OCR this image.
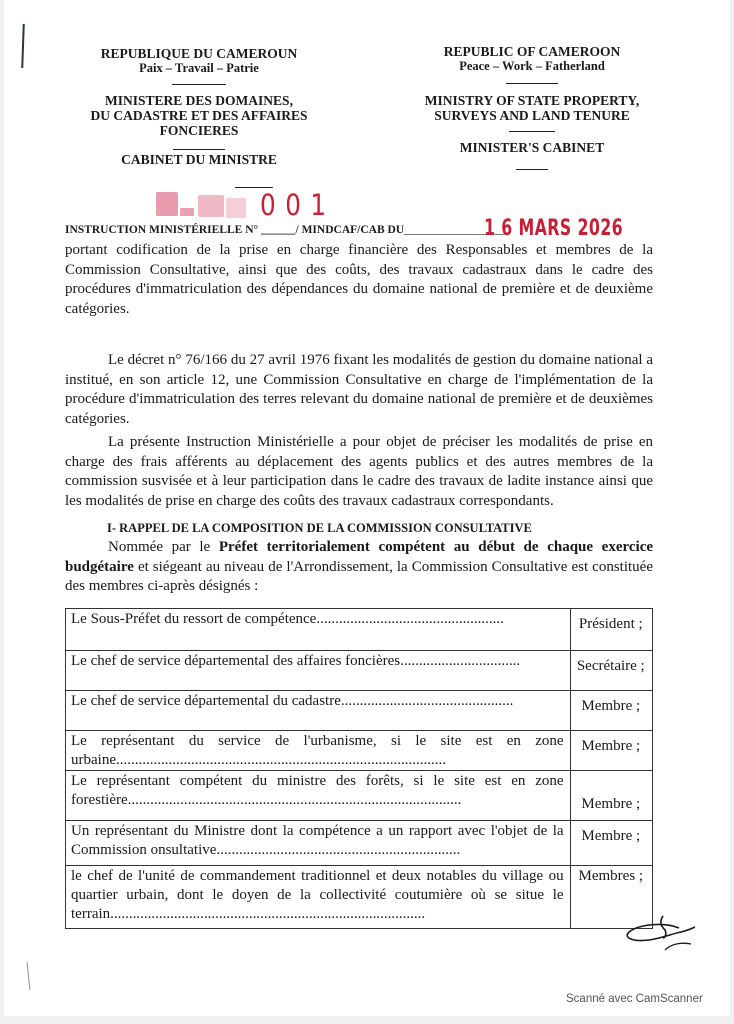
REPUBLIQUE DU CAMEROUN
Paix – Travail – Patrie
MINISTERE DES DOMAINES,
DU CADASTRE ET DES AFFAIRES
FONCIERES
CABINET DU MINISTRE
REPUBLIC OF CAMEROON
Peace – Work – Fatherland
MINISTRY OF STATE PROPERTY,
SURVEYS AND LAND TENURE
MINISTER'S CABINET
0 0 1
INSTRUCTION MINISTÉRIELLE N° ______/ MINDCAF/CAB DU__________________
1 6 MARS 2026
portant codification de la prise en charge financière des Responsables et membres de la Commission Consultative, ainsi que des coûts, des travaux cadastraux dans le cadre des procédures d'immatriculation des dépendances du domaine national de première et de deuxième catégories.
Le décret n° 76/166 du 27 avril 1976 fixant les modalités de gestion du domaine national a institué, en son article 12, une Commission Consultative en charge de l'implémentation de la procédure d'immatriculation des terres relevant du domaine national de première et de deuxièmes catégories.
La présente Instruction Ministérielle a pour objet de préciser les modalités de prise en charge des frais afférents au déplacement des agents publics et des autres membres de la commission susvisée et à leur participation dans le cadre des travaux de ladite instance ainsi que les modalités de prise en charge des coûts des travaux cadastraux correspondants.
I- RAPPEL DE LA COMPOSITION DE LA COMMISSION CONSULTATIVE
Nommée par le Préfet territorialement compétent au début de chaque exercice budgétaire et siégeant au niveau de l'Arrondissement, la Commission Consultative est constituée des membres ci-après désignés :
Le Sous-Préfet du ressort de compétence..................................................	Président ;
Le chef de service départemental des affaires foncières................................	Secrétaire ;
Le chef de service départemental du cadastre..............................................	Membre ;
Le représentant du service de l'urbanisme, si le site est en zone urbaine........................................................................................	Membre ;
Le représentant compétent du ministre des forêts, si le site est en zone forestière.........................................................................................	Membre ;
Un représentant du Ministre dont la compétence a un rapport avec l'objet de la Commission onsultative.................................................................	Membre ;
le chef de l'unité de commandement traditionnel et deux notables du village ou quartier urbain, dont le doyen de la collectivité coutumière où se situe le terrain....................................................................................	Membres ;
Scanné avec CamScanner
